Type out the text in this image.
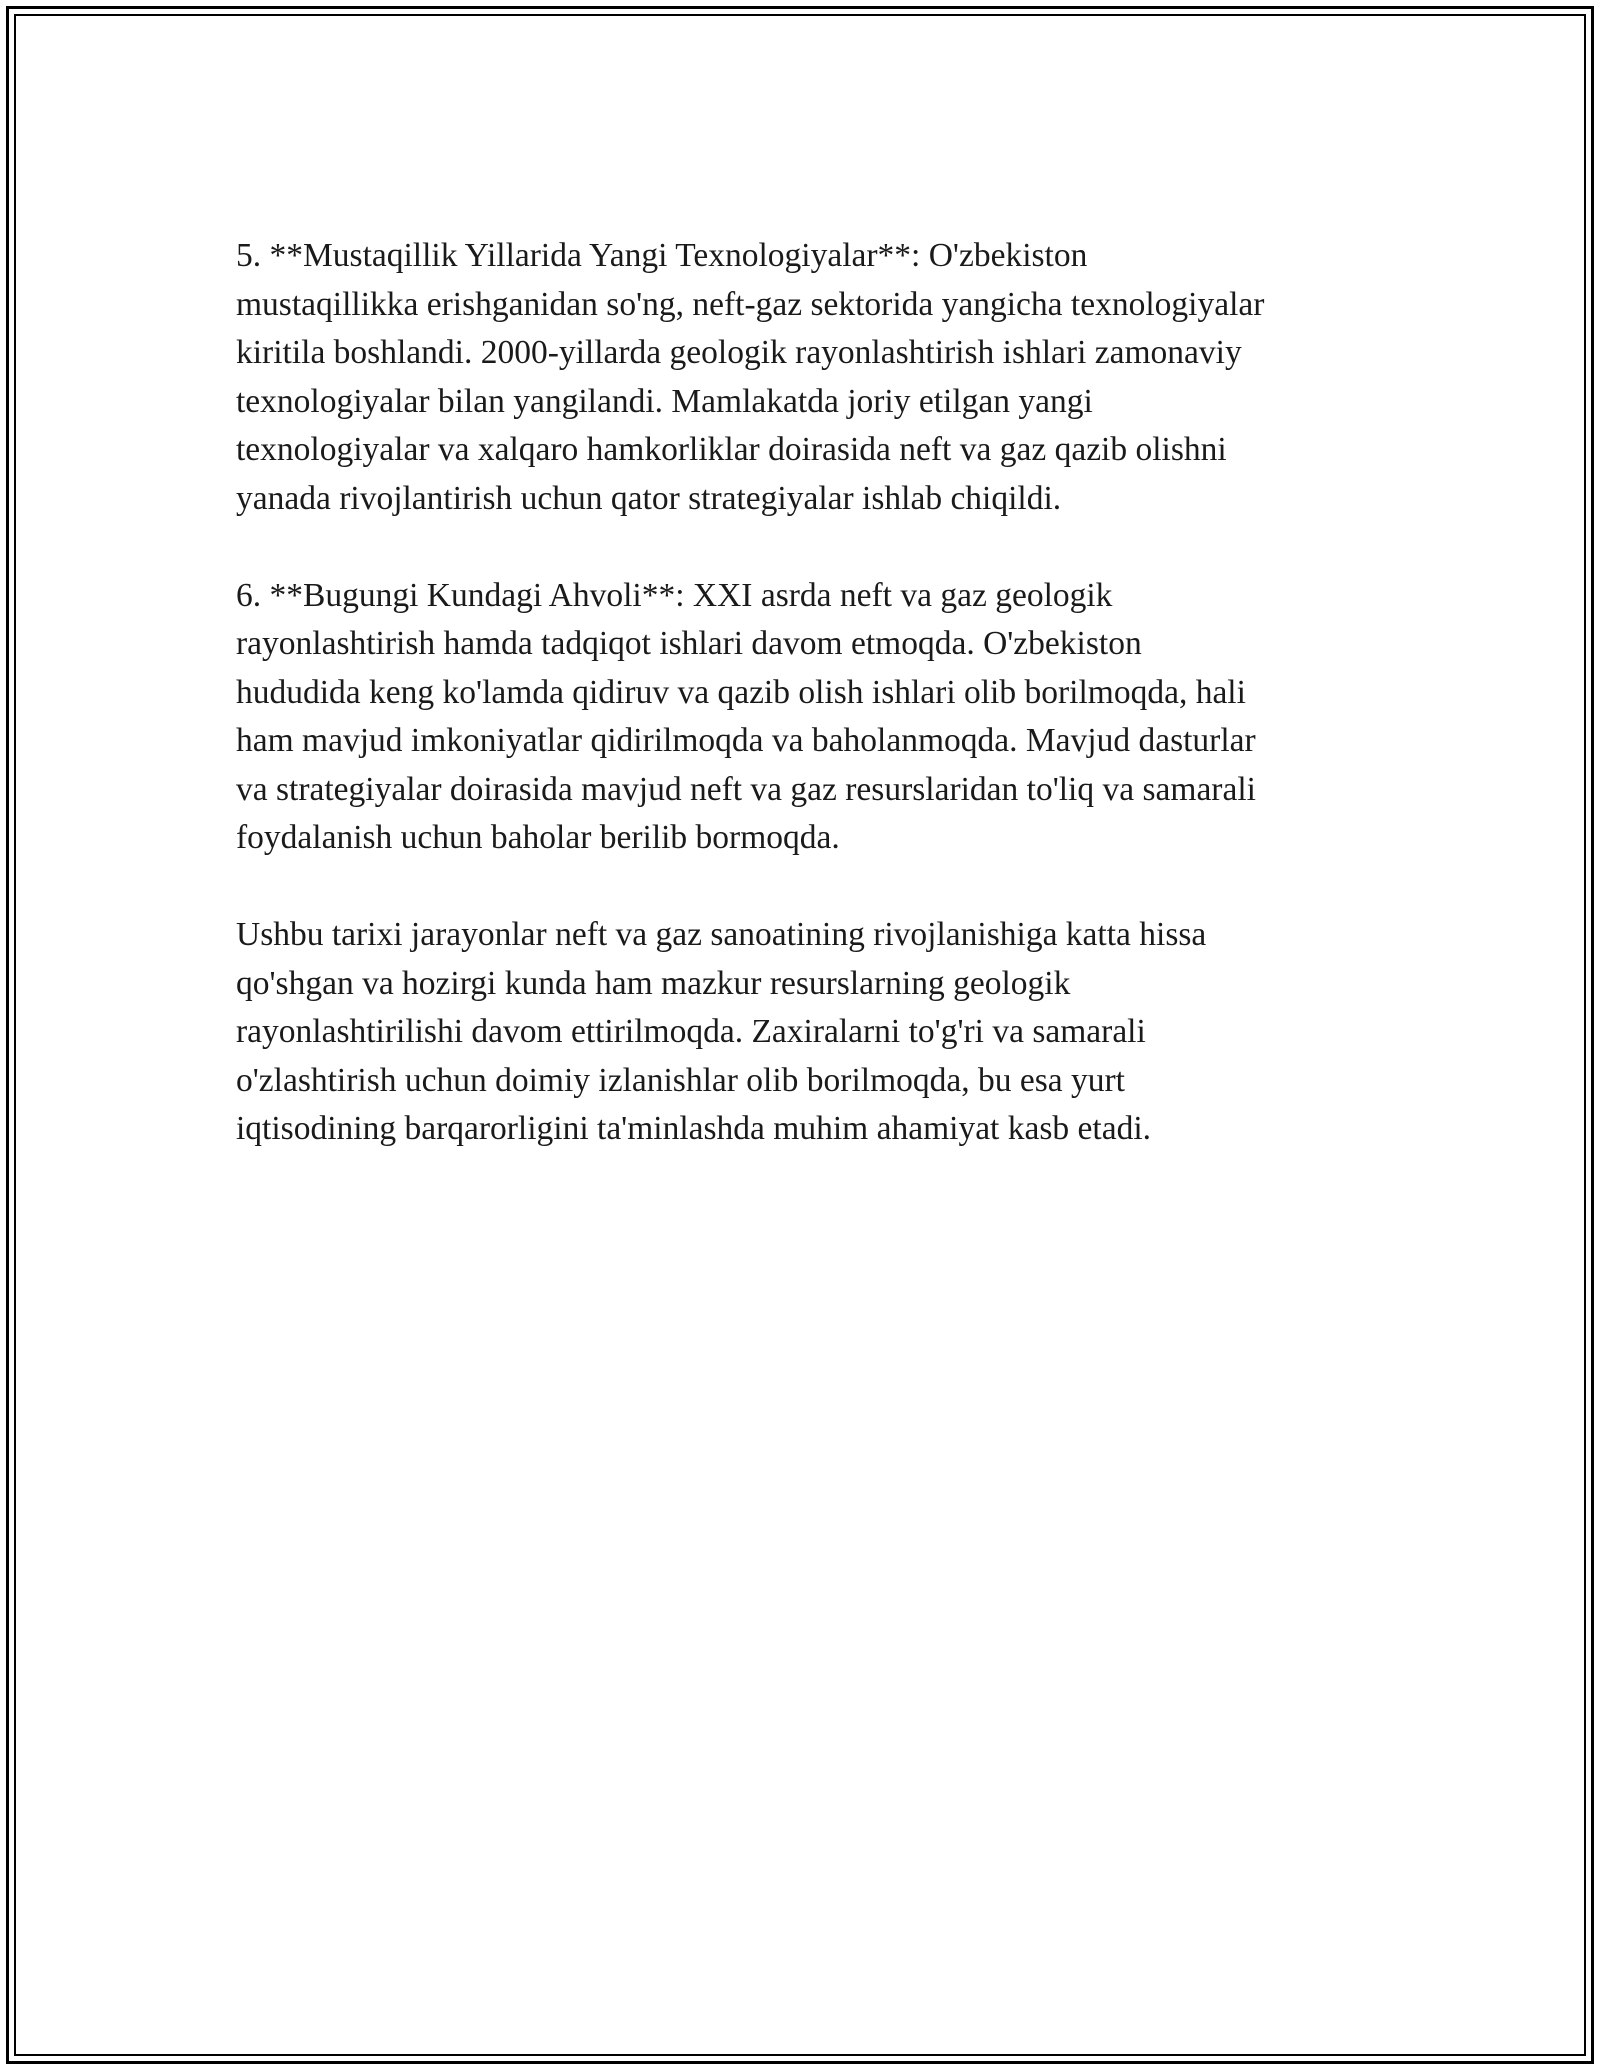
5. **Mustaqillik Yillarida Yangi Texnologiyalar**: O'zbekiston
mustaqillikka erishganidan so'ng, neft-gaz sektorida yangicha texnologiyalar
kiritila boshlandi. 2000-yillarda geologik rayonlashtirish ishlari zamonaviy
texnologiyalar bilan yangilandi. Mamlakatda joriy etilgan yangi
texnologiyalar va xalqaro hamkorliklar doirasida neft va gaz qazib olishni
yanada rivojlantirish uchun qator strategiyalar ishlab chiqildi.

6. **Bugungi Kundagi Ahvoli**: XXI asrda neft va gaz geologik
rayonlashtirish hamda tadqiqot ishlari davom etmoqda. O'zbekiston
hududida keng ko'lamda qidiruv va qazib olish ishlari olib borilmoqda, hali
ham mavjud imkoniyatlar qidirilmoqda va baholanmoqda. Mavjud dasturlar
va strategiyalar doirasida mavjud neft va gaz resurslaridan to'liq va samarali
foydalanish uchun baholar berilib bormoqda.

Ushbu tarixi jarayonlar neft va gaz sanoatining rivojlanishiga katta hissa
qo'shgan va hozirgi kunda ham mazkur resurslarning geologik
rayonlashtirilishi davom ettirilmoqda. Zaxiralarni to'g'ri va samarali
o'zlashtirish uchun doimiy izlanishlar olib borilmoqda, bu esa yurt
iqtisodining barqarorligini ta'minlashda muhim ahamiyat kasb etadi.
